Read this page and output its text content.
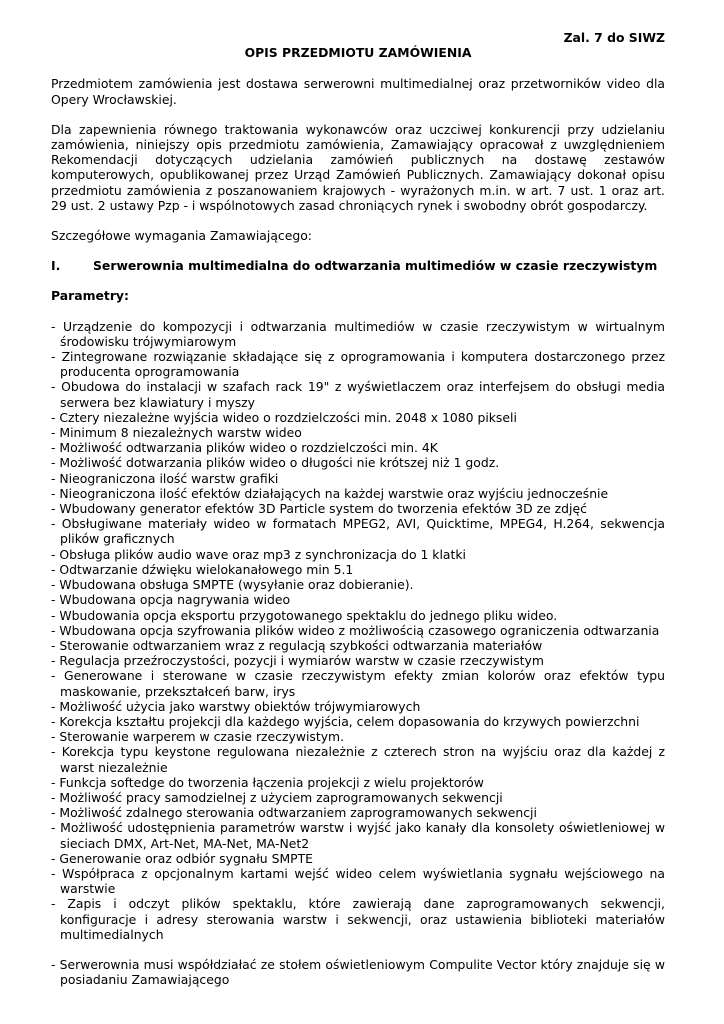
Zal. 7 do SIWZ
OPIS PRZEDMIOTU ZAMÓWIENIA

Przedmiotem zamówienia jest dostawa serwerowni multimedialnej oraz przetworników video dla Opery Wrocławskiej.

Dla zapewnienia równego traktowania wykonawców oraz uczciwej konkurencji przy udzielaniu zamówienia, niniejszy opis przedmiotu zamówienia, Zamawiający opracował z uwzględnieniem Rekomendacji dotyczących udzielania zamówień publicznych na dostawę zestawów komputerowych, opublikowanej przez Urząd Zamówień Publicznych. Zamawiający dokonał opisu przedmiotu zamówienia z poszanowaniem krajowych - wyrażonych m.in. w art. 7 ust. 1 oraz art. 29 ust. 2 ustawy Pzp - i wspólnotowych zasad chroniących rynek i swobodny obrót gospodarczy.

Szczegółowe wymagania Zamawiającego:

I.	Serwerownia multimedialna do odtwarzania multimediów w czasie rzeczywistym
Parametry:
- Urządzenie do kompozycji i odtwarzania multimediów w czasie rzeczywistym w wirtualnym środowisku trójwymiarowym
- Zintegrowane rozwiązanie składające się z oprogramowania i komputera dostarczonego przez producenta oprogramowania
- Obudowa do instalacji w szafach rack 19" z wyświetlaczem oraz interfejsem do obsługi media serwera bez klawiatury i myszy
- Cztery niezależne wyjścia wideo o rozdzielczości min. 2048 x 1080 pikseli
- Minimum 8 niezależnych warstw wideo
- Możliwość odtwarzania plików wideo o rozdzielczości min. 4K
- Możliwość dotwarzania plików wideo o długości nie krótszej niż 1 godz.
- Nieograniczona ilość warstw grafiki
- Nieograniczona ilość efektów działających na każdej warstwie oraz wyjściu jednocześnie
- Wbudowany generator efektów 3D Particle system do tworzenia efektów 3D ze zdjęć
- Obsługiwane materiały wideo w formatach MPEG2, AVI, Quicktime, MPEG4, H.264, sekwencja plików graficznych
- Obsługa plików audio wave oraz mp3 z synchronizacja do 1 klatki
- Odtwarzanie dźwięku wielokanałowego min 5.1
- Wbudowana obsługa SMPTE (wysyłanie oraz dobieranie).
- Wbudowana opcja nagrywania wideo
- Wbudowania opcja eksportu przygotowanego spektaklu do jednego pliku wideo.
- Wbudowana opcja szyfrowania plików wideo z możliwością czasowego ograniczenia odtwarzania
- Sterowanie odtwarzaniem wraz z regulacją szybkości odtwarzania materiałów
- Regulacja przeźroczystości, pozycji i wymiarów warstw w czasie rzeczywistym
- Generowane i sterowane w czasie rzeczywistym efekty zmian kolorów oraz efektów typu maskowanie, przekształceń barw, irys
- Możliwość użycia jako warstwy obiektów trójwymiarowych
- Korekcja kształtu projekcji dla każdego wyjścia, celem dopasowania do krzywych powierzchni
- Sterowanie warperem w czasie rzeczywistym.
- Korekcja typu keystone regulowana niezależnie z czterech stron na wyjściu oraz dla każdej z warst niezależnie
- Funkcja softedge do tworzenia łączenia projekcji z wielu projektorów
- Możliwość pracy samodzielnej z użyciem zaprogramowanych sekwencji
- Możliwość zdalnego sterowania odtwarzaniem zaprogramowanych sekwencji
- Możliwość udostępnienia parametrów warstw i wyjść jako kanały dla konsolety oświetleniowej w sieciach DMX, Art-Net, MA-Net, MA-Net2
- Generowanie oraz odbiór sygnału SMPTE
- Współpraca z opcjonalnym kartami wejść wideo celem wyświetlania sygnału wejściowego na warstwie
- Zapis i odczyt plików spektaklu, które zawierają dane zaprogramowanych sekwencji, konfiguracje i adresy sterowania warstw i sekwencji, oraz ustawienia biblioteki materiałów multimedialnych
- Serwerownia musi współdziałać ze stołem oświetleniowym Compulite Vector który znajduje się w posiadaniu Zamawiającego
